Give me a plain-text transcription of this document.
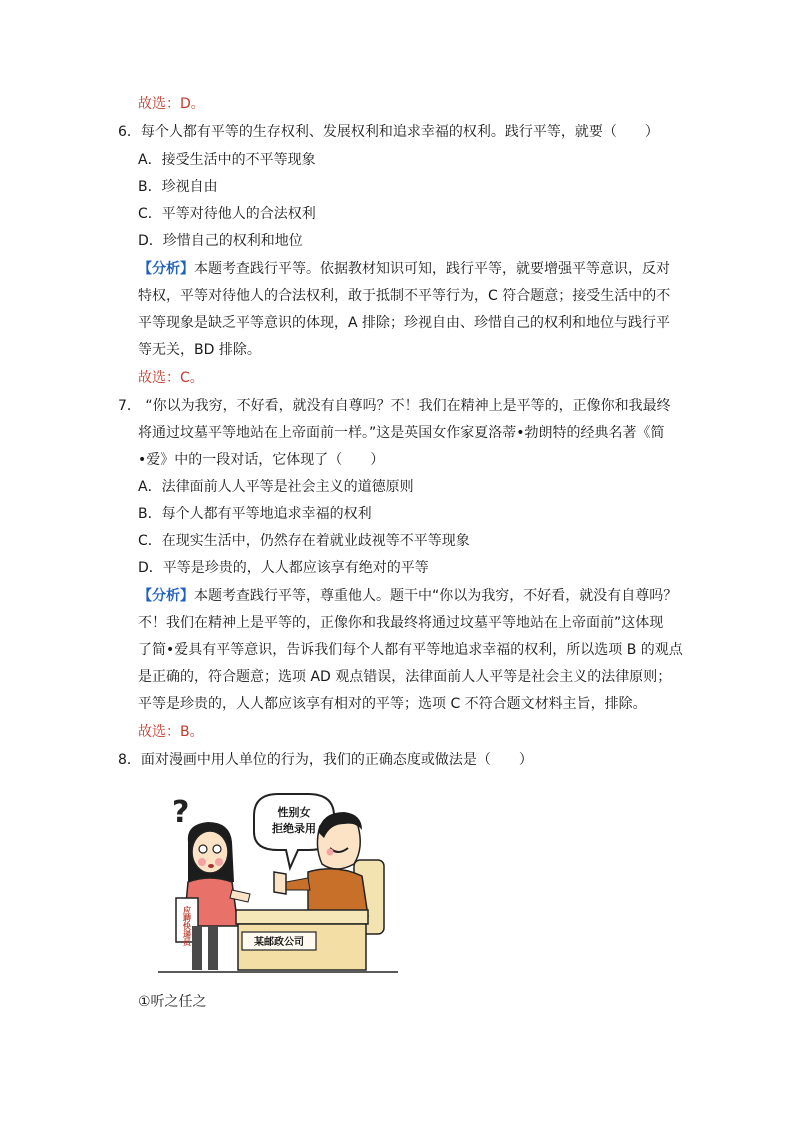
故选：D。
6．每个人都有平等的生存权利、发展权利和追求幸福的权利。践行平等，就要（　　）
A．接受生活中的不平等现象
B．珍视自由
C．平等对待他人的合法权利
D．珍惜自己的权利和地位
【分析】本题考查践行平等。依据教材知识可知，践行平等，就要增强平等意识，反对
特权，平等对待他人的合法权利，敢于抵制不平等行为，C 符合题意；接受生活中的不
平等现象是缺乏平等意识的体现，A 排除；珍视自由、珍惜自己的权利和地位与践行平
等无关，BD 排除。
故选：C。
7． “你以为我穷，不好看，就没有自尊吗？不！我们在精神上是平等的，正像你和我最终
将通过坟墓平等地站在上帝面前一样。”这是英国女作家夏洛蒂•勃朗特的经典名著《简
•爱》中的一段对话，它体现了（　　）
A．法律面前人人平等是社会主义的道德原则
B．每个人都有平等地追求幸福的权利
C．在现实生活中，仍然存在着就业歧视等不平等现象
D．平等是珍贵的，人人都应该享有绝对的平等
【分析】本题考查践行平等，尊重他人。题干中“你以为我穷，不好看，就没有自尊吗？
不！我们在精神上是平等的，正像你和我最终将通过坟墓平等地站在上帝面前”这体现
了简•爱具有平等意识，告诉我们每个人都有平等地追求幸福的权利，所以选项 B 的观点
是正确的，符合题意；选项 AD 观点错误，法律面前人人平等是社会主义的法律原则；
平等是珍贵的，人人都应该享有相对的平等；选项 C 不符合题文材料主旨，排除。
故选：B。
8．面对漫画中用人单位的行为，我们的正确态度或做法是（　　）
?	性别女
拒绝录用
应聘快递员	某邮政公司
①听之任之
